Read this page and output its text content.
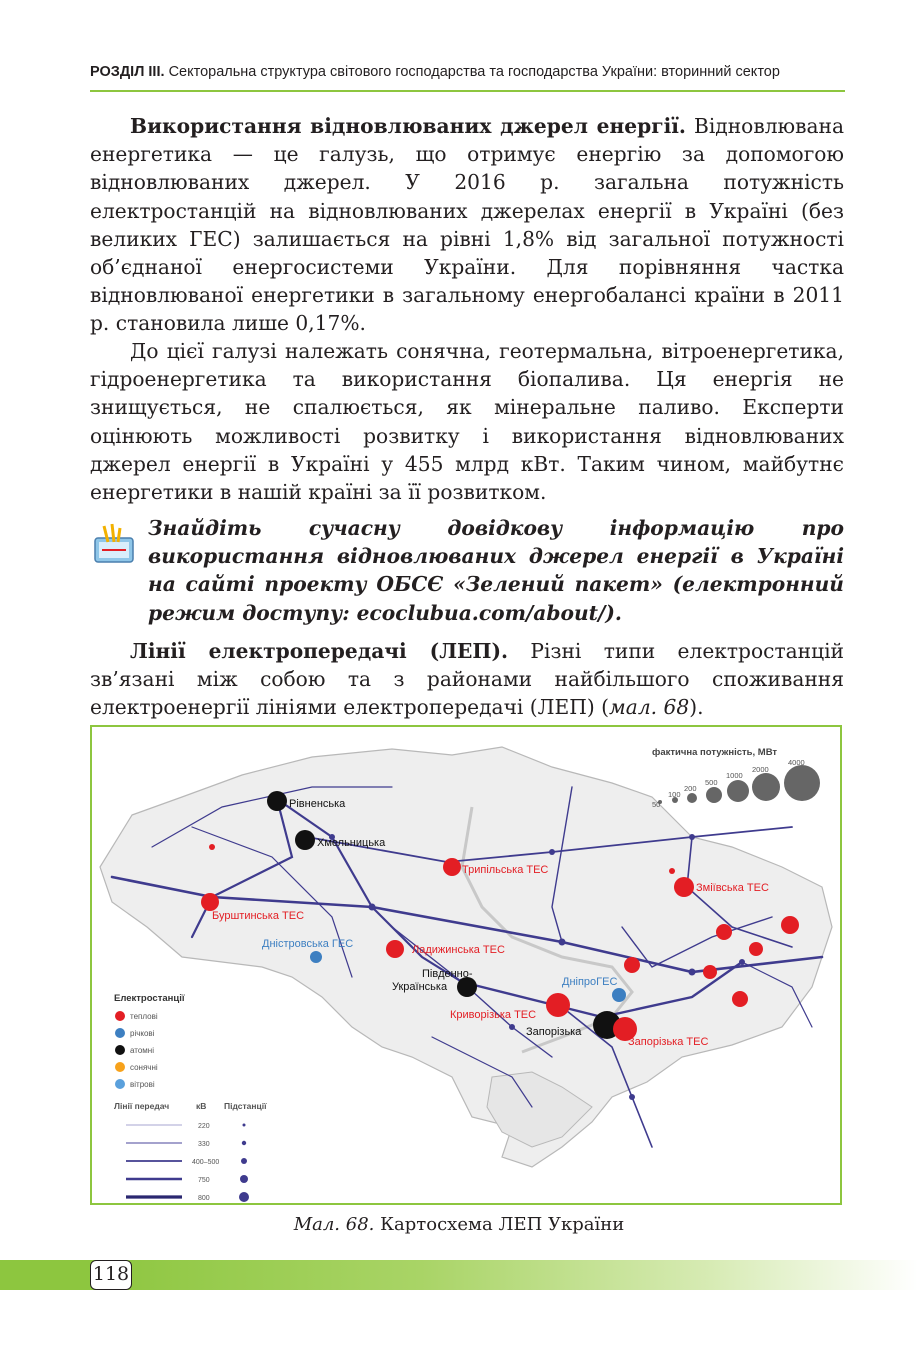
РОЗДІЛ ІІІ. Секторальна структура світового господарства та господарства України: вторинний сектор

Використання відновлюваних джерел енергії. Відновлювана енергетика — це галузь, що отримує енергію за допомогою відновлюваних джерел. У 2016 р. загальна потужність електростанцій на відновлюваних джерелах енергії в Україні (без великих ГЕС) залишається на рівні 1,8% від загальної потужності об’єднаної енергосистеми України. Для порівняння частка відновлюваної енергетики в загальному енергобалансі країни в 2011 р. становила лише 0,17%.

До цієї галузі належать сонячна, геотермальна, вітроенергетика, гідроенергетика та використання біопалива. Ця енергія не знищується, не спалюється, як мінеральне паливо. Експерти оцінюють можливості розвитку і використання відновлюваних джерел енергії в Україні у 455 млрд кВт. Таким чином, майбутнє енергетики в нашій країні за її розвитком.

Знайдіть сучасну довідкову інформацію про використання відновлюваних джерел енергії в Україні на сайті проекту ОБСЄ «Зелений пакет» (електронний режим доступу: ecoclubua.com/about/).

Лінії електропередачі (ЛЕП). Різні типи електростанцій зв’язані між собою та з районами найбільшого споживання електроенергії лініями електропередачі (ЛЕП) (мал. 68).

фактична потужність, МВт
50
100
200
500
1000
2000
4000
Рівненська
Хмельницька
Трипільська ТЕС
Зміївська ТЕС
Бурштинська ТЕС
Дністровська ГЕС	Ладижинська ТЕС
Південно-
Українська	ДніпроГЕС
Криворізька ТЕС
Запорізька
Запорізька ТЕС
Електростанції
теплові
річкові
атомні
сонячні
вітрові
Лінії передач	кВ Підстанції
220
330
400–500
750
800
Мал. 68. Картосхема ЛЕП України
118
